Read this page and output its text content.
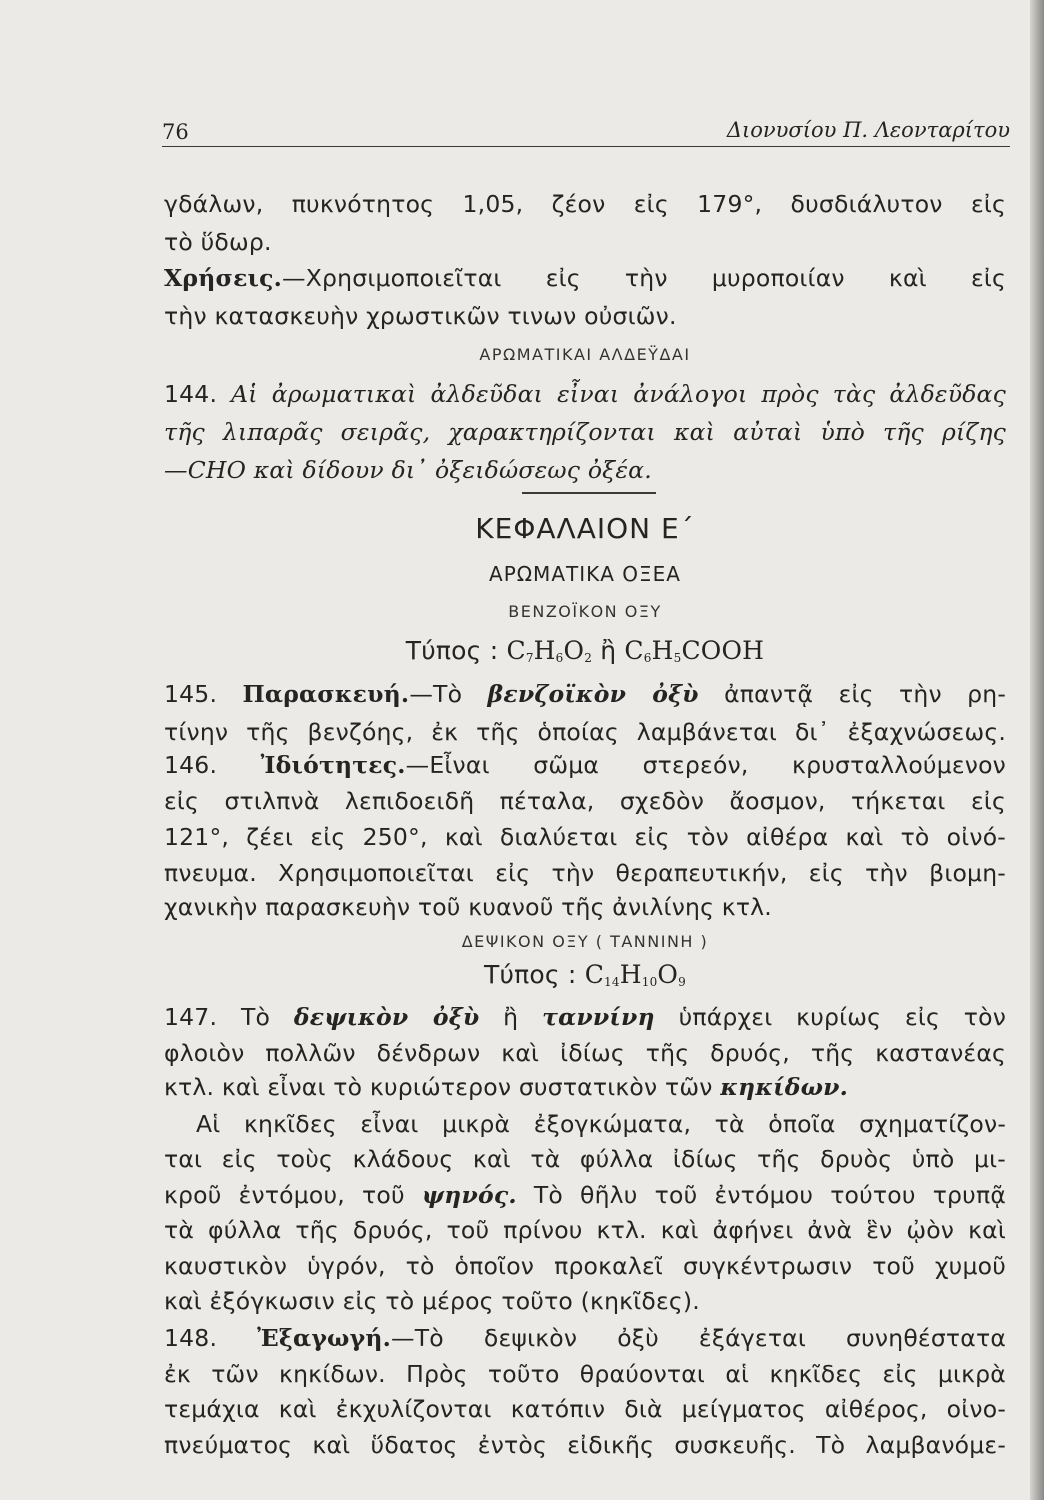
76	Διονυσίου Π. Λεονταρίτου
γδάλων, πυκνότητος 1,05, ζέον εἰς 179°, δυσδιάλυτον εἰς
τὸ ὕδωρ.
Χρήσεις.—Χρησιμοποιεῖται εἰς τὴν μυροποιίαν καὶ εἰς
τὴν κατασκευὴν χρωστικῶν τινων οὐσιῶν.
ΑΡΩΜΑΤΙΚΑΙ ΑΛΔΕΫΔΑΙ
144. Αἱ ἀρωματικαὶ ἀλδεῦδαι εἶναι ἀνάλογοι πρὸς τὰς ἀλδεῦδας
τῆς λιπαρᾶς σειρᾶς, χαρακτηρίζονται καὶ αὐταὶ ὑπὸ τῆς ρίζης
—CHO καὶ δίδουν δι᾽ ὀξειδώσεως ὀξέα.
ΚΕΦΑΛΑΙΟΝ Ε΄
ΑΡΩΜΑΤΙΚΑ ΟΞΕΑ
ΒΕΝΖΟΪΚΟΝ ΟΞΥ
Τύπος : $C_7H_6O_2$ ἢ $C_6H_5COOH$
145. Παρασκευή.—Τὸ βενζοϊκὸν ὀξὺ ἀπαντᾷ εἰς τὴν ρη-
τίνην τῆς βενζόης, ἐκ τῆς ὁποίας λαμβάνεται δι᾽ ἐξαχνώσεως.
146. Ἰδιότητες.—Εἶναι σῶμα στερεόν, κρυσταλλούμενον
εἰς στιλπνὰ λεπιδοειδῆ πέταλα, σχεδὸν ἄοσμον, τήκεται εἰς
121°, ζέει εἰς 250°, καὶ διαλύεται εἰς τὸν αἰθέρα καὶ τὸ οἰνό-
πνευμα. Χρησιμοποιεῖται εἰς τὴν θεραπευτικήν, εἰς τὴν βιομη-
χανικὴν παρασκευὴν τοῦ κυανοῦ τῆς ἀνιλίνης κτλ.
ΔΕΨΙΚΟΝ ΟΞΥ ( ΤΑΝΝΙΝΗ )
Τύπος : $C_{14}H_{10}O_9$
147. Τὸ δεψικὸν ὀξὺ ἢ ταννίνη ὑπάρχει κυρίως εἰς τὸν
φλοιὸν πολλῶν δένδρων καὶ ἰδίως τῆς δρυός, τῆς καστανέας
κτλ. καὶ εἶναι τὸ κυριώτερον συστατικὸν τῶν κηκίδων.
Αἱ κηκῖδες εἶναι μικρὰ ἐξογκώματα, τὰ ὁποῖα σχηματίζον-
ται εἰς τοὺς κλάδους καὶ τὰ φύλλα ἰδίως τῆς δρυὸς ὑπὸ μι-
κροῦ ἐντόμου, τοῦ ψηνός. Τὸ θῆλυ τοῦ ἐντόμου τούτου τρυπᾷ
τὰ φύλλα τῆς δρυός, τοῦ πρίνου κτλ. καὶ ἀφήνει ἀνὰ ἓν ᾠὸν καὶ
καυστικὸν ὑγρόν, τὸ ὁποῖον προκαλεῖ συγκέντρωσιν τοῦ χυμοῦ
καὶ ἐξόγκωσιν εἰς τὸ μέρος τοῦτο (κηκῖδες).
148. Ἐξαγωγή.—Τὸ δεψικὸν ὀξὺ ἐξάγεται συνηθέστατα
ἐκ τῶν κηκίδων. Πρὸς τοῦτο θραύονται αἱ κηκῖδες εἰς μικρὰ
τεμάχια καὶ ἐκχυλίζονται κατόπιν διὰ μείγματος αἰθέρος, οἰνο-
πνεύματος καὶ ὕδατος ἐντὸς εἰδικῆς συσκευῆς. Τὸ λαμβανόμε-
